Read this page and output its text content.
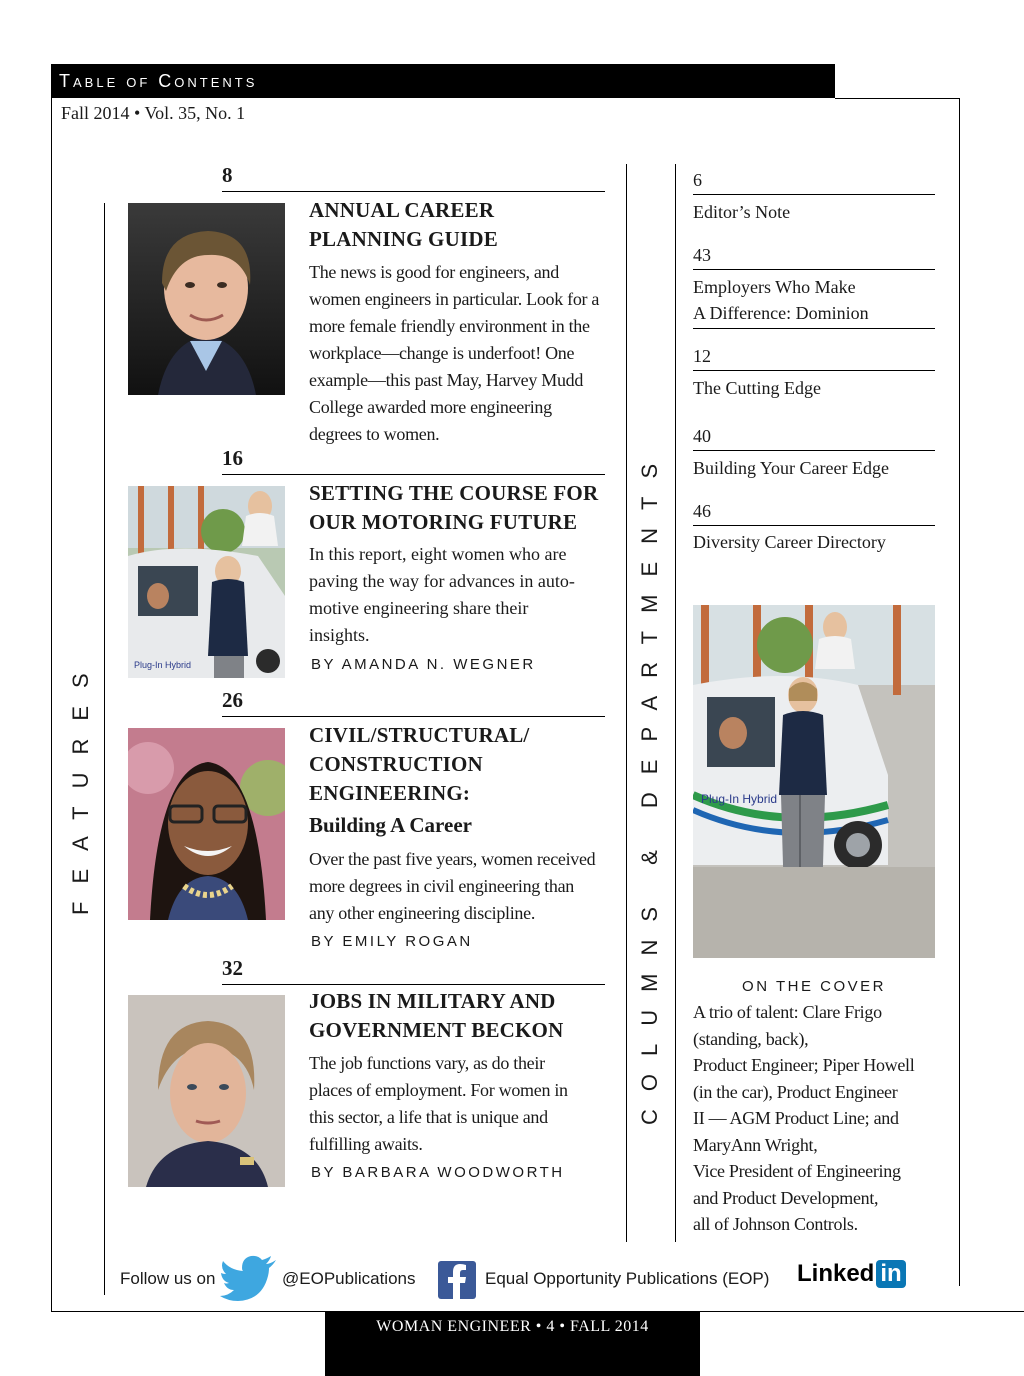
Table of Contents
Fall 2014 • Vol. 35, No. 1
FEATURES	COLUMNS & DEPARTMENTS
8
ANNUAL CAREER
PLANNING GUIDE
The news is good for engineers, and
women engineers in particular. Look for a
more female friendly environment in the
workplace—change is underfoot! One
example—this past May, Harvey Mudd
College awarded more engineering
degrees to women.
16
Plug-In Hybrid
SETTING THE COURSE FOR
OUR MOTORING FUTURE
In this report, eight women who are
paving the way for advances in auto-
motive engineering share their
insights.
BY AMANDA N. WEGNER
26
CIVIL/STRUCTURAL/
CONSTRUCTION
ENGINEERING:
Building A Career
Over the past five years, women received
more degrees in civil engineering than
any other engineering discipline.
BY EMILY ROGAN
32
JOBS IN MILITARY AND
GOVERNMENT BECKON
The job functions vary, as do their
places of employment. For women in
this sector, a life that is unique and
fulfilling awaits.
BY BARBARA WOODWORTH
6
Editor’s Note
43
Employers Who Make
A Difference: Dominion
12
The Cutting Edge
40
Building Your Career Edge
46
Diversity Career Directory
Plug-In Hybrid
ON THE COVER
A trio of talent: Clare Frigo
(standing, back),
Product Engineer; Piper Howell
(in the car), Product Engineer
II — AGM Product Line; and
MaryAnn Wright,
Vice President of Engineering
and Product Development,
all of Johnson Controls.
Follow us on	@EOPublications	Equal Opportunity Publications (EOP) Linked in
WOMAN ENGINEER • 4 • FALL 2014
